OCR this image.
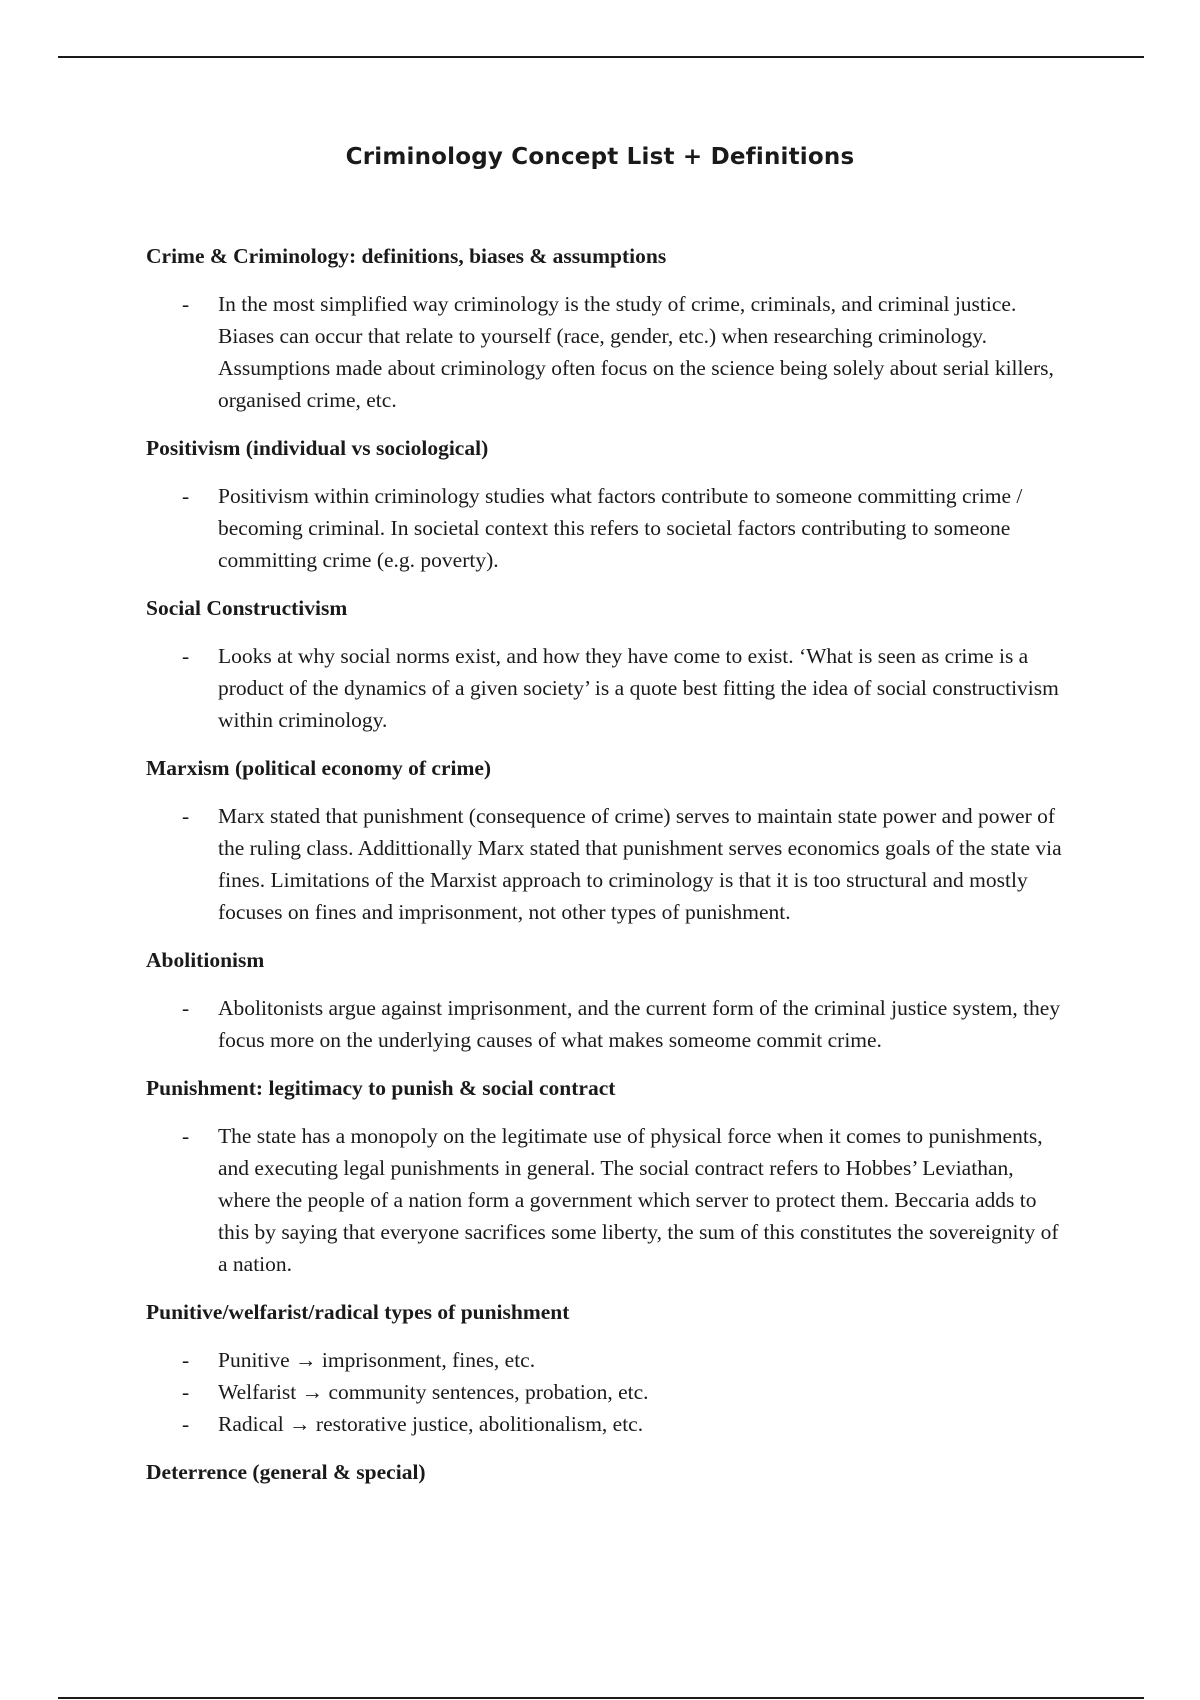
Criminology Concept List + Definitions
Crime & Criminology: definitions, biases & assumptions
- In the most simplified way criminology is the study of crime, criminals, and criminal justice. Biases can occur that relate to yourself (race, gender, etc.) when researching criminology. Assumptions made about criminology often focus on the science being solely about serial killers, organised crime, etc.
Positivism (individual vs sociological)
- Positivism within criminology studies what factors contribute to someone committing crime / becoming criminal. In societal context this refers to societal factors contributing to someone committing crime (e.g. poverty).
Social Constructivism
- Looks at why social norms exist, and how they have come to exist. ‘What is seen as crime is a product of the dynamics of a given society’ is a quote best fitting the idea of social constructivism within criminology.
Marxism (political economy of crime)
- Marx stated that punishment (consequence of crime) serves to maintain state power and power of the ruling class. Addittionally Marx stated that punishment serves economics goals of the state via fines. Limitations of the Marxist approach to criminology is that it is too structural and mostly focuses on fines and imprisonment, not other types of punishment.
Abolitionism
- Abolitonists argue against imprisonment, and the current form of the criminal justice system, they focus more on the underlying causes of what makes someome commit crime.
Punishment: legitimacy to punish & social contract
- The state has a monopoly on the legitimate use of physical force when it comes to punishments, and executing legal punishments in general. The social contract refers to Hobbes’ Leviathan, where the people of a nation form a government which server to protect them. Beccaria adds to this by saying that everyone sacrifices some liberty, the sum of this constitutes the sovereignity of a nation.
Punitive/welfarist/radical types of punishment
- Punitive → imprisonment, fines, etc.
- Welfarist → community sentences, probation, etc.
- Radical → restorative justice, abolitionalism, etc.
Deterrence (general & special)
